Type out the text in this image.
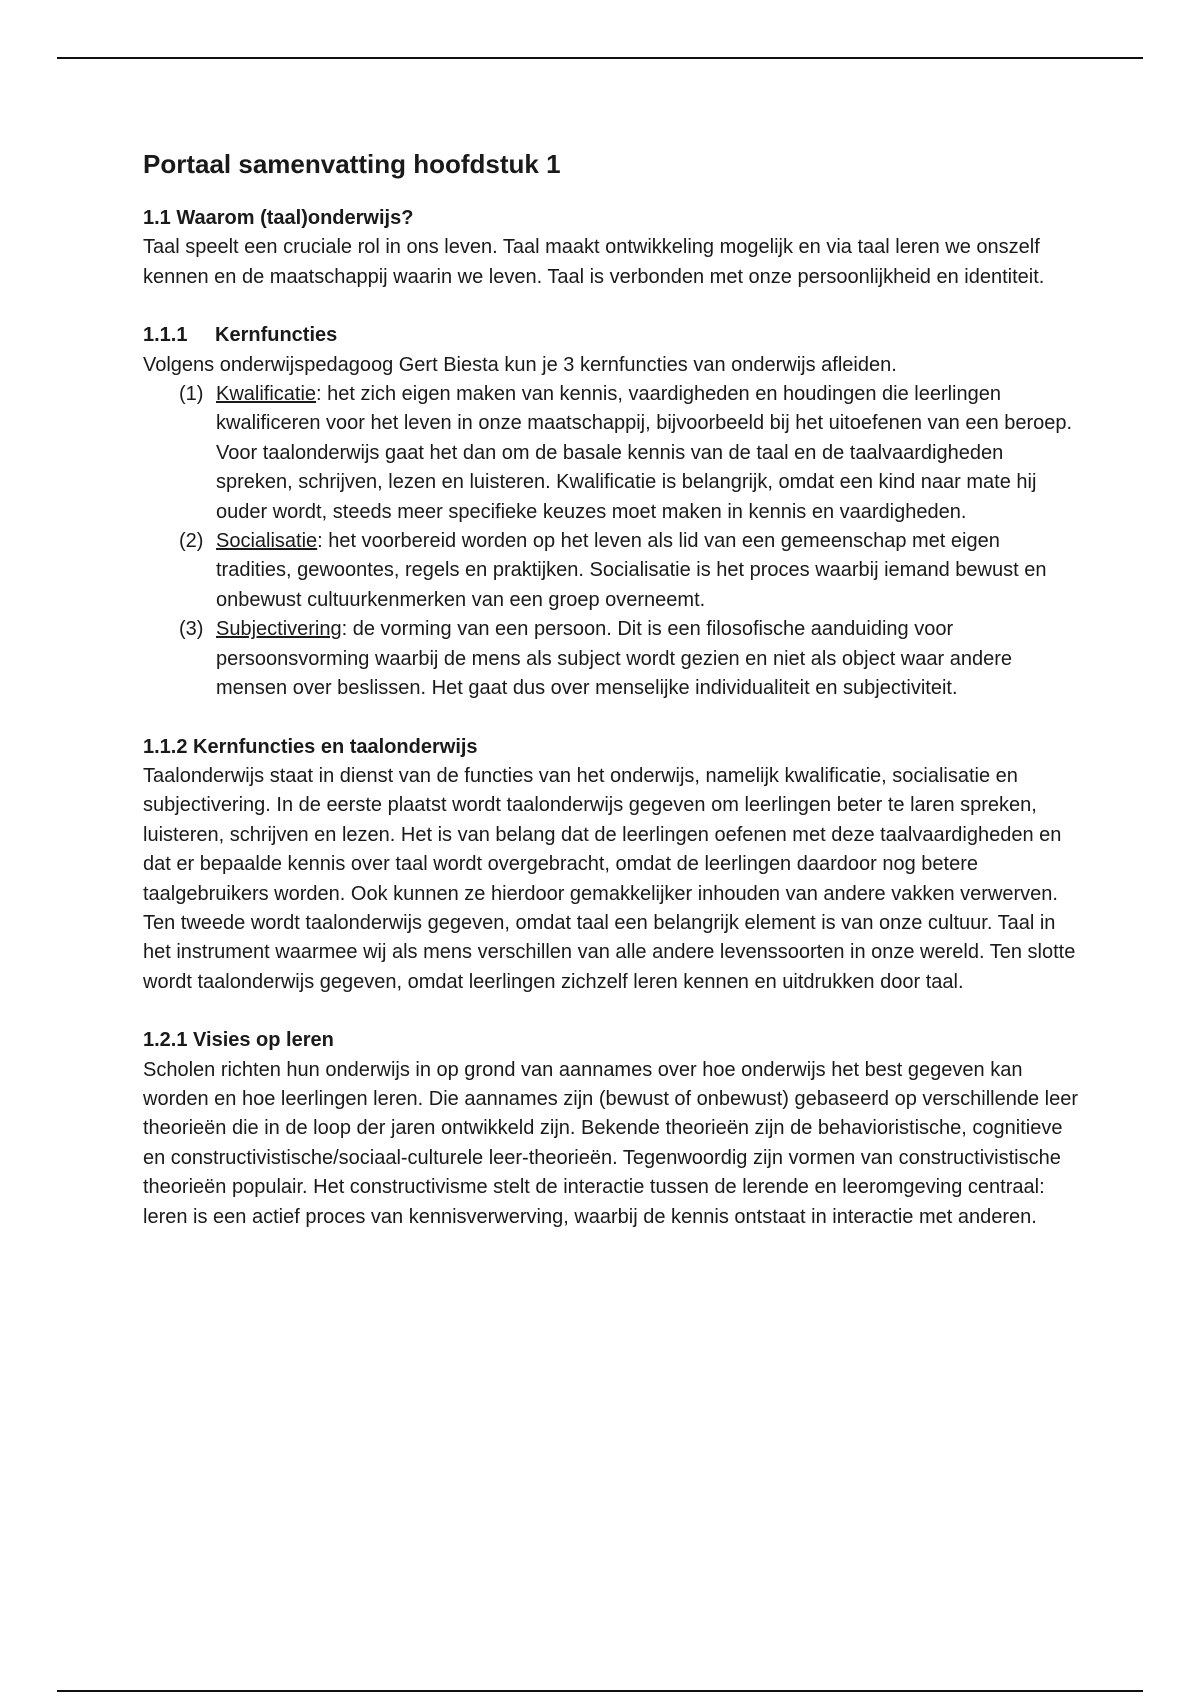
Portaal samenvatting hoofdstuk 1
1.1 Waarom (taal)onderwijs?

Taal speelt een cruciale rol in ons leven. Taal maakt ontwikkeling mogelijk en via taal leren we onszelf kennen en de maatschappij waarin we leven. Taal is verbonden met onze persoonlijkheid en identiteit.

1.1.1 Kernfuncties

Volgens onderwijspedagoog Gert Biesta kun je 3 kernfuncties van onderwijs afleiden.

(1) Kwalificatie: het zich eigen maken van kennis, vaardigheden en houdingen die leerlingen kwalificeren voor het leven in onze maatschappij, bijvoorbeeld bij het uitoefenen van een beroep. Voor taalonderwijs gaat het dan om de basale kennis van de taal en de taalvaardigheden spreken, schrijven, lezen en luisteren. Kwalificatie is belangrijk, omdat een kind naar mate hij ouder wordt, steeds meer specifieke keuzes moet maken in kennis en vaardigheden.
(2) Socialisatie: het voorbereid worden op het leven als lid van een gemeenschap met eigen tradities, gewoontes, regels en praktijken. Socialisatie is het proces waarbij iemand bewust en onbewust cultuurkenmerken van een groep overneemt.
(3) Subjectivering: de vorming van een persoon. Dit is een filosofische aanduiding voor persoonsvorming waarbij de mens als subject wordt gezien en niet als object waar andere mensen over beslissen. Het gaat dus over menselijke individualiteit en subjectiviteit.
1.1.2 Kernfuncties en taalonderwijs

Taalonderwijs staat in dienst van de functies van het onderwijs, namelijk kwalificatie, socialisatie en subjectivering. In de eerste plaatst wordt taalonderwijs gegeven om leerlingen beter te laren spreken, luisteren, schrijven en lezen. Het is van belang dat de leerlingen oefenen met deze taalvaardigheden en dat er bepaalde kennis over taal wordt overgebracht, omdat de leerlingen daardoor nog betere taalgebruikers worden. Ook kunnen ze hierdoor gemakkelijker inhouden van andere vakken verwerven. Ten tweede wordt taalonderwijs gegeven, omdat taal een belangrijk element is van onze cultuur. Taal in het instrument waarmee wij als mens verschillen van alle andere levenssoorten in onze wereld. Ten slotte wordt taalonderwijs gegeven, omdat leerlingen zichzelf leren kennen en uitdrukken door taal.

1.2.1 Visies op leren

Scholen richten hun onderwijs in op grond van aannames over hoe onderwijs het best gegeven kan worden en hoe leerlingen leren. Die aannames zijn (bewust of onbewust) gebaseerd op verschillende leer theorieën die in de loop der jaren ontwikkeld zijn. Bekende theorieën zijn de behavioristische, cognitieve en constructivistische/sociaal-culturele leer-theorieën. Tegenwoordig zijn vormen van constructivistische theorieën populair. Het constructivisme stelt de interactie tussen de lerende en leeromgeving centraal: leren is een actief proces van kennisverwerving, waarbij de kennis ontstaat in interactie met anderen.
